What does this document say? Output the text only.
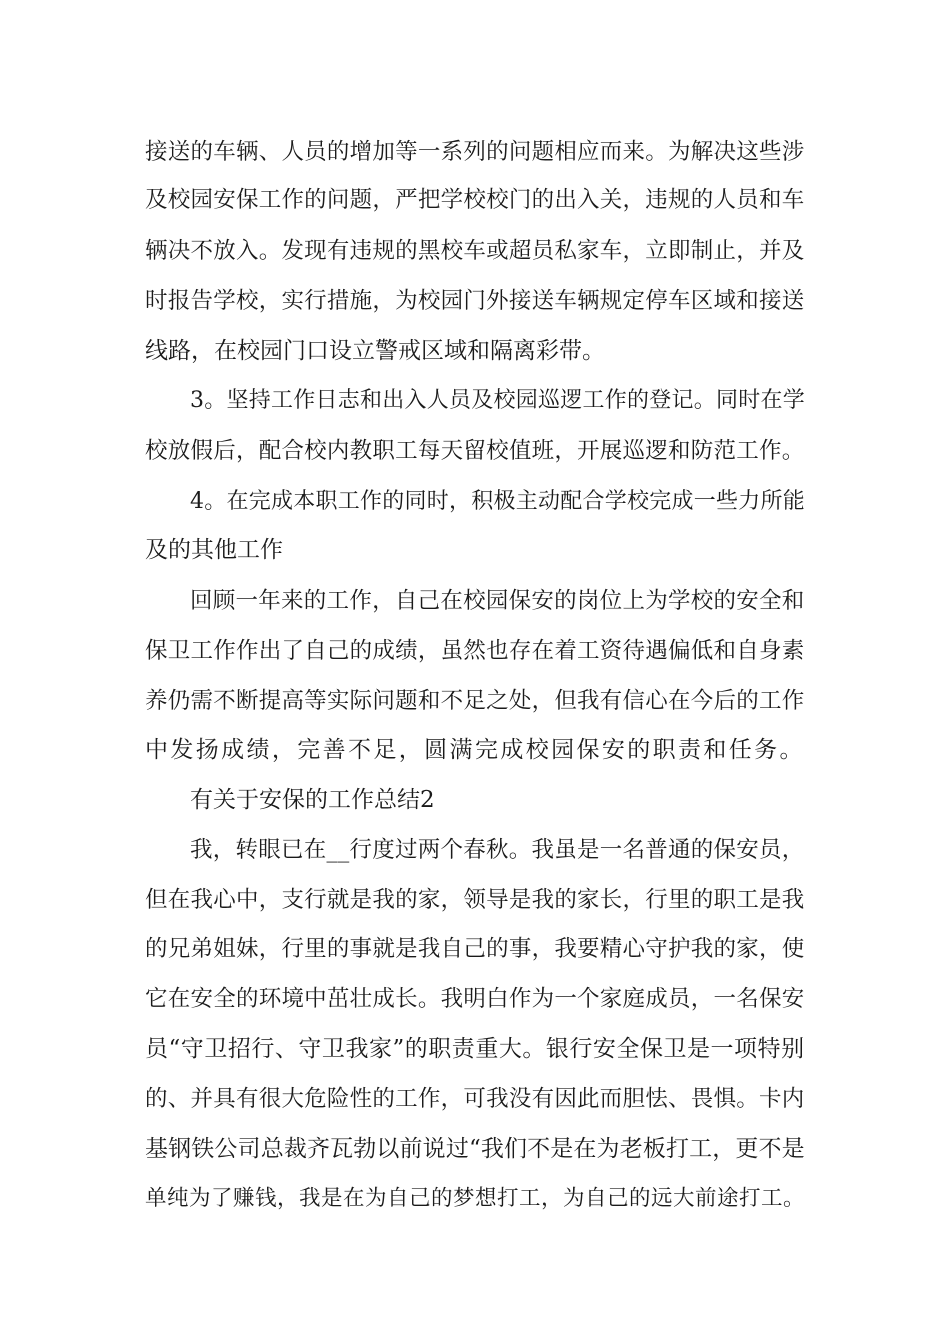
接送的车辆、人员的增加等一系列的问题相应而来。为解决这些涉
及校园安保工作的问题，严把学校校门的出入关，违规的人员和车
辆决不放入。发现有违规的黑校车或超员私家车，立即制止，并及
时报告学校，实行措施，为校园门外接送车辆规定停车区域和接送
线路，在校园门口设立警戒区域和隔离彩带。
3。坚持工作日志和出入人员及校园巡逻工作的登记。同时在学
校放假后，配合校内教职工每天留校值班，开展巡逻和防范工作。
4。在完成本职工作的同时，积极主动配合学校完成一些力所能
及的其他工作
回顾一年来的工作，自己在校园保安的岗位上为学校的安全和
保卫工作作出了自己的成绩，虽然也存在着工资待遇偏低和自身素
养仍需不断提高等实际问题和不足之处，但我有信心在今后的工作
中发扬成绩，完善不足，圆满完成校园保安的职责和任务。
有关于安保的工作总结2
我，转眼已在__行度过两个春秋。我虽是一名普通的保安员，
但在我心中，支行就是我的家，领导是我的家长，行里的职工是我
的兄弟姐妹，行里的事就是我自己的事，我要精心守护我的家，使
它在安全的环境中茁壮成长。我明白作为一个家庭成员，一名保安
员“守卫招行、守卫我家”的职责重大。银行安全保卫是一项特别
的、并具有很大危险性的工作，可我没有因此而胆怯、畏惧。卡内
基钢铁公司总裁齐瓦勃以前说过“我们不是在为老板打工，更不是
单纯为了赚钱，我是在为自己的梦想打工，为自己的远大前途打工。
